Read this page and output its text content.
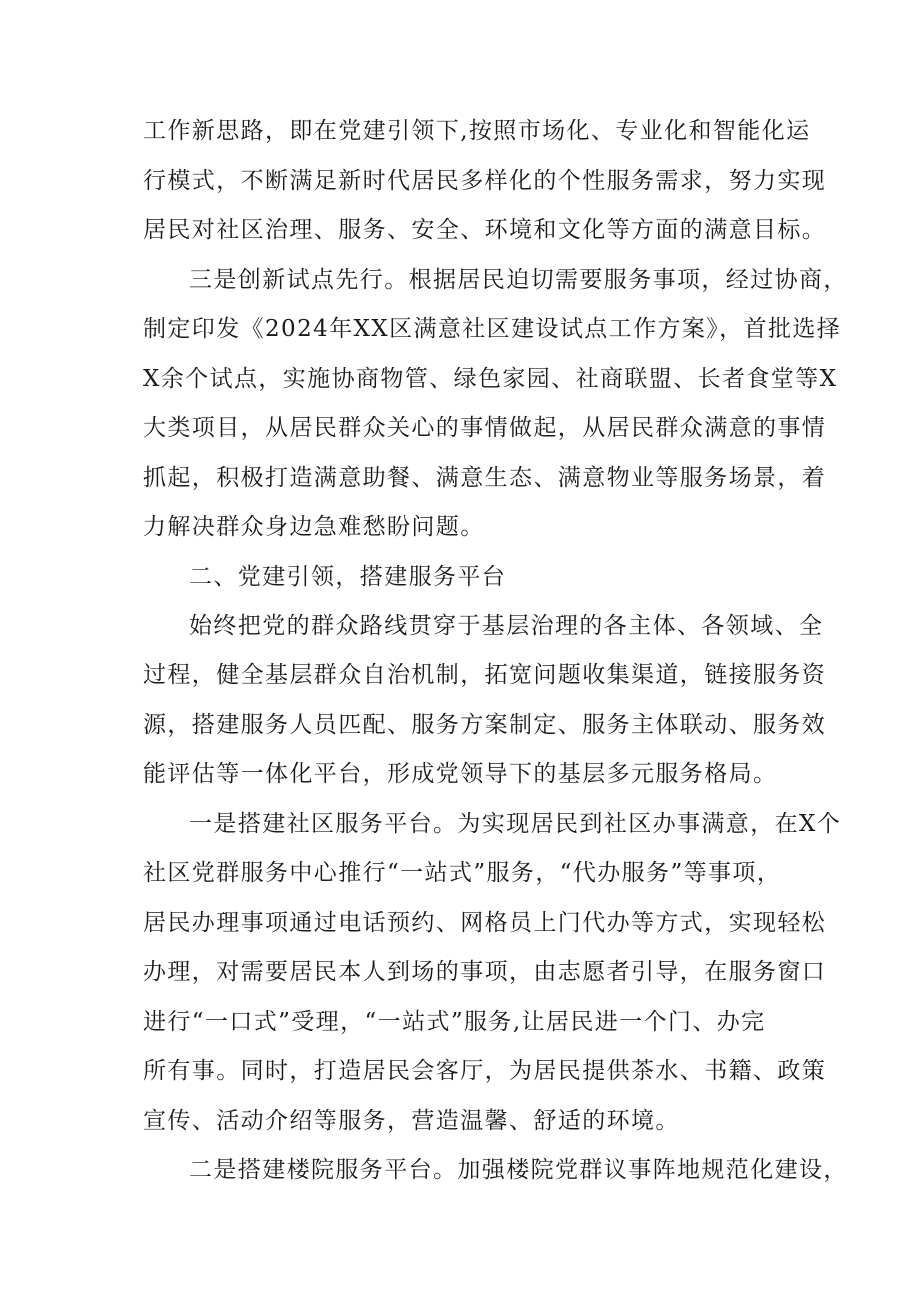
工作新思路，即在党建引领下,按照市场化、专业化和智能化运
行模式，不断满足新时代居民多样化的个性服务需求，努力实现
居民对社区治理、服务、安全、环境和文化等方面的满意目标。
三是创新试点先行。根据居民迫切需要服务事项，经过协商，
制定印发《2024年XX区满意社区建设试点工作方案》，首批选择
X余个试点，实施协商物管、绿色家园、社商联盟、长者食堂等X
大类项目，从居民群众关心的事情做起，从居民群众满意的事情
抓起，积极打造满意助餐、满意生态、满意物业等服务场景，着
力解决群众身边急难愁盼问题。
二、党建引领，搭建服务平台
始终把党的群众路线贯穿于基层治理的各主体、各领域、全
过程，健全基层群众自治机制，拓宽问题收集渠道，链接服务资
源，搭建服务人员匹配、服务方案制定、服务主体联动、服务效
能评估等一体化平台，形成党领导下的基层多元服务格局。
一是搭建社区服务平台。为实现居民到社区办事满意，在X个
社区党群服务中心推行“一站式”服务，“代办服务”等事项，
居民办理事项通过电话预约、网格员上门代办等方式，实现轻松
办理，对需要居民本人到场的事项，由志愿者引导，在服务窗口
进行“一口式”受理，“一站式”服务,让居民进一个门、办完
所有事。同时，打造居民会客厅，为居民提供茶水、书籍、政策
宣传、活动介绍等服务，营造温馨、舒适的环境。
二是搭建楼院服务平台。加强楼院党群议事阵地规范化建设，
